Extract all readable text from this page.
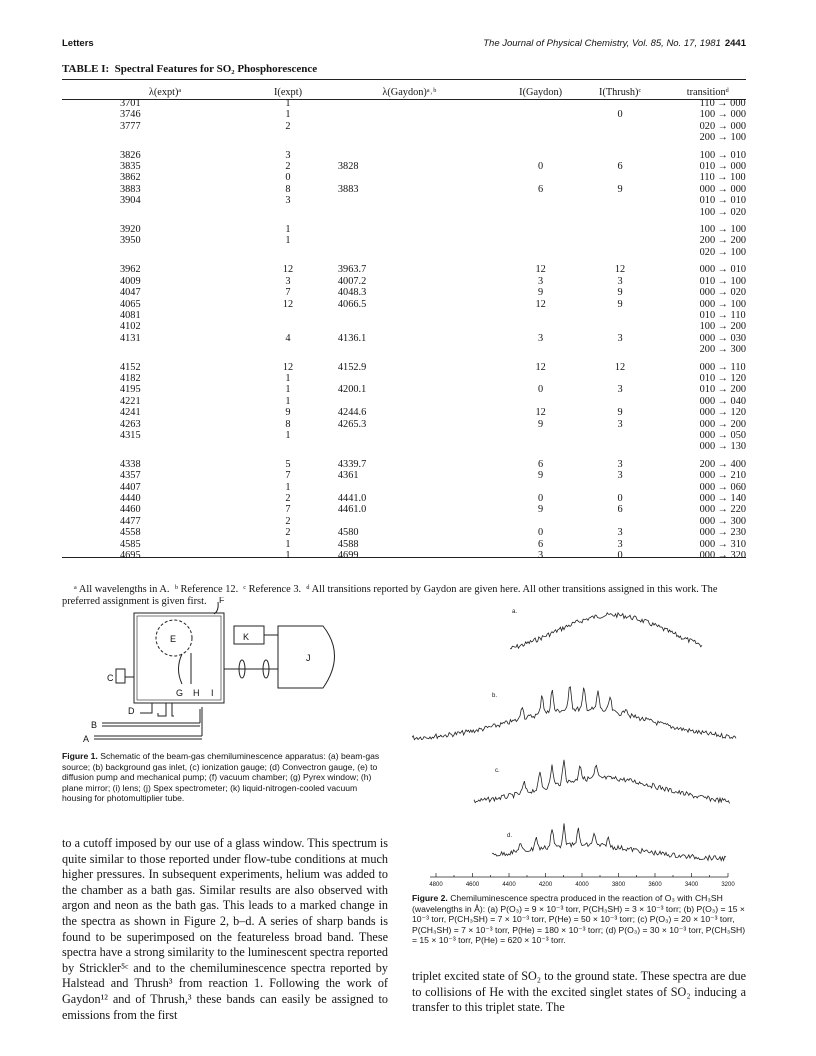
Letters	The Journal of Physical Chemistry, Vol. 85, No. 17, 1981 2441
TABLE I: Spectral Features for SO₂ Phosphorescence
λ(expt)ᵃ	I(expt)	λ(Gaydon)ᵃ˒ᵇ	I(Gaydon)	I(Thrush)ᶜ	transitionᵈ
3701	1				110 → 000
3746	1			0	100 → 000
3777	2				020 → 000
					200 → 100
3826	3				100 → 010
3835	2	3828	0	6	010 → 000
3862	0				110 → 100
3883	8	3883	6	9	000 → 000
3904	3				010 → 010
					100 → 020
3920	1				100 → 100
3950	1				200 → 200
					020 → 100
3962	12	3963.7	12	12	000 → 010
4009	3	4007.2	3	3	010 → 100
4047	7	4048.3	9	9	000 → 020
4065	12	4066.5	12	9	000 → 100
4081					010 → 110
4102					100 → 200
4131	4	4136.1	3	3	000 → 030
					200 → 300
4152	12	4152.9	12	12	000 → 110
4182	1				010 → 120
4195	1	4200.1	0	3	010 → 200
4221	1				000 → 040
4241	9	4244.6	12	9	000 → 120
4263	8	4265.3	9	3	000 → 200
4315	1				000 → 050
					000 → 130
4338	5	4339.7	6	3	200 → 400
4357	7	4361	9	3	000 → 210
4407	1				000 → 060
4440	2	4441.0	0	0	000 → 140
4460	7	4461.0	9	6	000 → 220
4477	2				000 → 300
4558	2	4580	0	3	000 → 230
4585	1	4588	6	3	000 → 310
4695	1	4699	3	0	000 → 320
ᵃ All wavelengths in A. ᵇ Reference 12. ᶜ Reference 3. ᵈ All transitions reported by Gaydon are given here. All other transitions assigned in this work. The preferred assignment is given first.	F
E	K
J
C
G H I
D
B
A
Figure 1. Schematic of the beam-gas chemiluminescence apparatus: (a) beam-gas source; (b) background gas inlet, (c) ionization gauge; (d) Convectron gauge, (e) to diffusion pump and mechanical pump; (f) vacuum chamber; (g) Pyrex window; (h) plane mirror; (i) lens; (j) Spex spectrometer; (k) liquid-nitrogen-cooled vacuum housing for photomultiplier tube.
a.
b.
c.
d.
4800	4600	4400	4200	4000	3800	3600	3400	3200
Figure 2. Chemiluminescence spectra produced in the reaction of O₃ with CH₃SH (wavelengths in Å): (a) P(O₃) = 9 × 10⁻³ torr, P(CH₃SH) = 3 × 10⁻³ torr; (b) P(O₃) = 15 × 10⁻³ torr, P(CH₃SH) = 7 × 10⁻³ torr, P(He) = 50 × 10⁻³ torr; (c) P(O₃) = 20 × 10⁻³ torr, P(CH₃SH) = 7 × 10⁻³ torr, P(He) = 180 × 10⁻³ torr; (d) P(O₃) = 30 × 10⁻³ torr, P(CH₃SH) = 15 × 10⁻³ torr, P(He) = 620 × 10⁻³ torr.
to a cutoff imposed by our use of a glass window. This spectrum is quite similar to those reported under flow-tube conditions at much higher pressures. In subsequent experiments, helium was added to the chamber as a bath gas. Similar results are also observed with argon and neon as the bath gas. This leads to a marked change in the spectra as shown in Figure 2, b–d. A series of sharp bands is found to be superimposed on the featureless broad band. These spectra have a strong similarity to the luminescent spectra reported by Strickler⁵ᶜ and to the chemiluminescence spectra reported by Halstead and Thrush³ from reaction 1. Following the work of Gaydon¹² and of Thrush,³ these bands can easily be assigned to emissions from the first
triplet excited state of SO₂ to the ground state. These spectra are due to collisions of He with the excited singlet states of SO₂ inducing a transfer to this triplet state. The
